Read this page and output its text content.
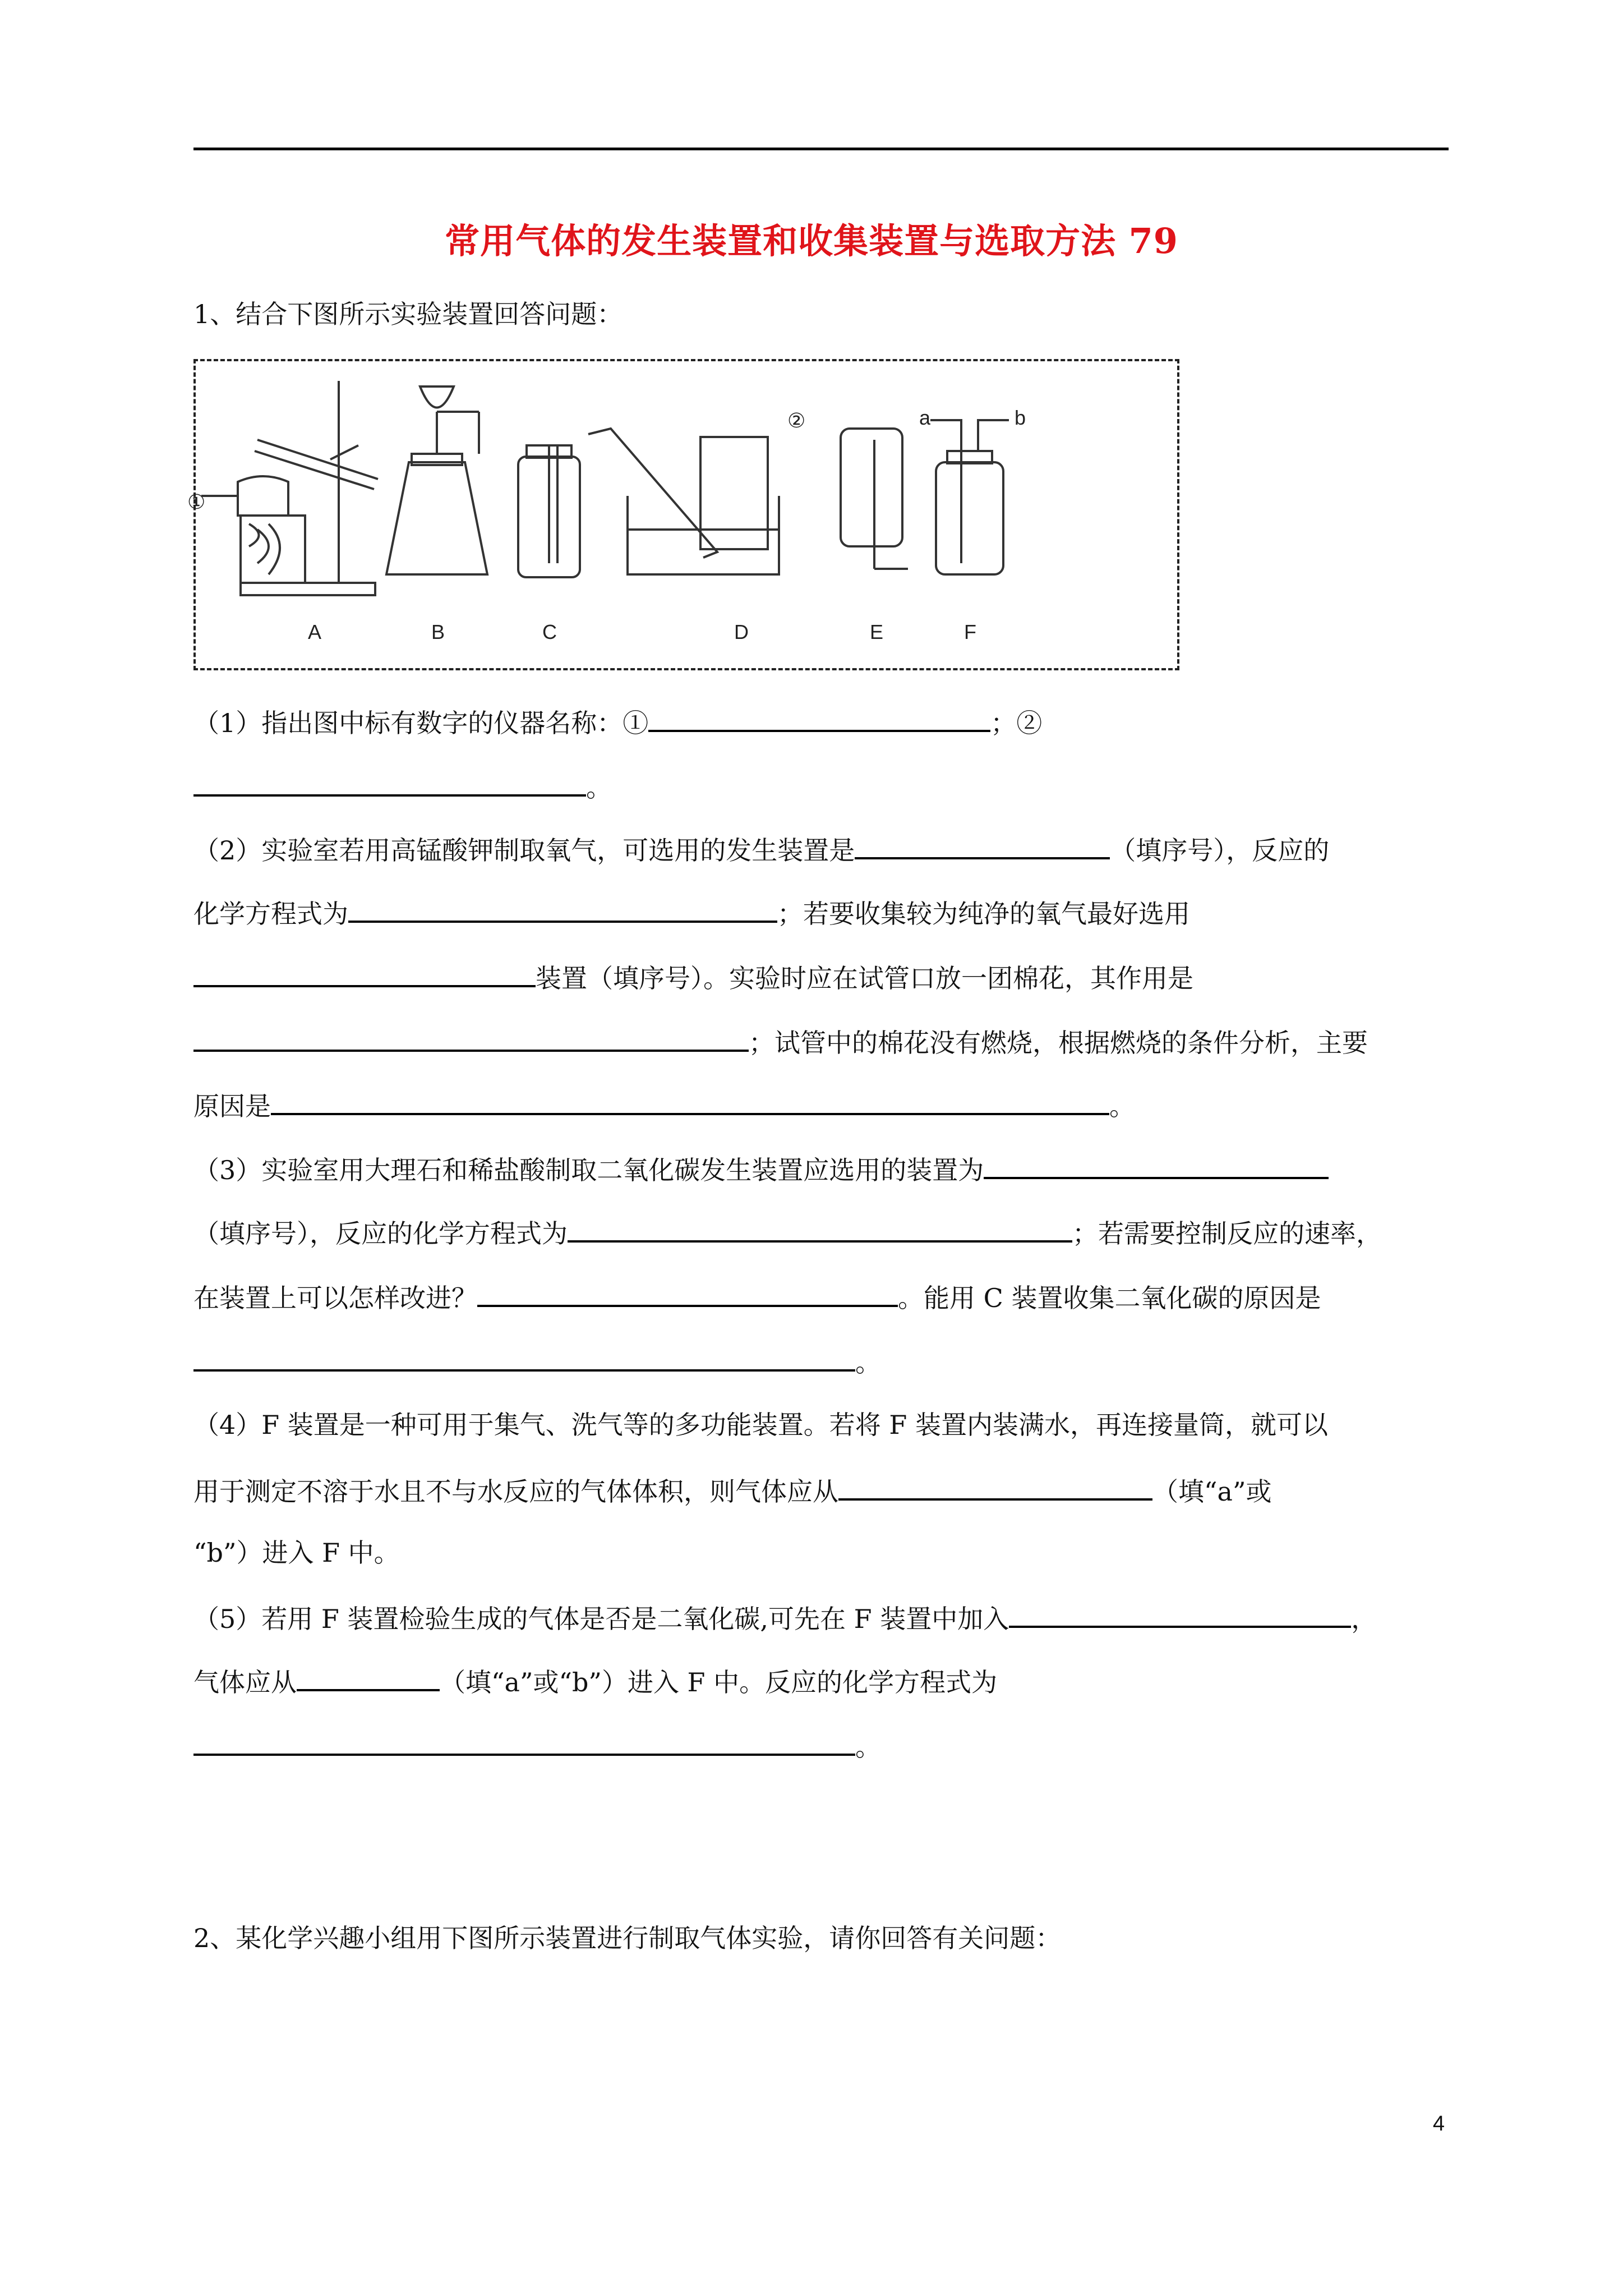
常用气体的发生装置和收集装置与选取方法 79
1、结合下图所示实验装置回答问题：
A	B	C	D	E	F
①
②	a	b
（1）指出图中标有数字的仪器名称：①	；②
。
（2）实验室若用高锰酸钾制取氧气，可选用的发生装置是	（填序号），反应的
化学方程式为	；若要收集较为纯净的氧气最好选用
装置（填序号）。实验时应在试管口放一团棉花，其作用是
；试管中的棉花没有燃烧，根据燃烧的条件分析，主要
原因是	。
（3）实验室用大理石和稀盐酸制取二氧化碳发生装置应选用的装置为
（填序号），反应的化学方程式为	；若需要控制反应的速率，
在装置上可以怎样改进？	。能用 C 装置收集二氧化碳的原因是
。
（4）F 装置是一种可用于集气、洗气等的多功能装置。若将 F 装置内装满水，再连接量筒，就可以
用于测定不溶于水且不与水反应的气体体积，则气体应从	（填“a”或
“b”）进入 F 中。
（5）若用 F 装置检验生成的气体是否是二氧化碳,可先在 F 装置中加入	，
气体应从	（填“a”或“b”）进入 F 中。反应的化学方程式为
。
2、某化学兴趣小组用下图所示装置进行制取气体实验，请你回答有关问题：
4
